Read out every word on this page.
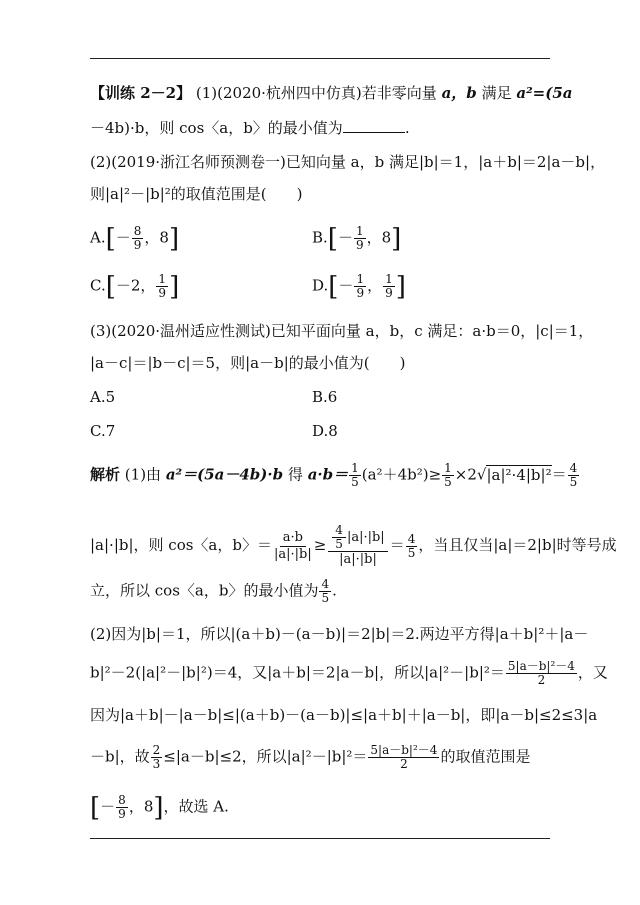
【训练 2－2】 (1)(2020·杭州四中仿真)若非零向量 a，b 满足 a²=(5a
－4b)·b，则 cos〈a，b〉的最小值为	.
(2)(2019·浙江名师预测卷一)已知向量 a，b 满足|b|＝1，|a＋b|＝2|a－b|，
则|a|²－|b|²的取值范围是(　　)
$A.[- \frac{8}{9}$ ，8]	$B.[- \frac{1}{9}$ ，8]
C.[－2， $\frac{1}{9}$ ]	$D.[- \frac{1}{9}$ ， $\frac{1}{9}$ ]
(3)(2020·温州适应性测试)已知平面向量 a，b，c 满足：a·b＝0，|c|＝1，
|a－c|＝|b－c|＝5，则|a－b|的最小值为(　　)
A.5	B.6
C.7	D.8
解析 (1)由 a²＝(5a－4b)·b 得 $a\cdot b= \frac{1}{5} (a^2+4b^2)\ge \frac{1}{5} \times 2√|a|^2\cdot 4|b|^2= \frac{4}{5}$
|a|·|b|，则 cos〈a，b〉＝ $\frac{a\cdot b}{|a|\cdot|b|} \ge \frac{\frac{4}{5} |a|\cdot|b|}{|a|\cdot|b|} = \frac{4}{5}$ ，当且仅当|a|＝2|b|时等号成
立，所以 cos〈a，b〉的最小值为 $\frac{4}{5}$ .
(2)因为|b|＝1，所以|(a＋b)－(a－b)|＝2|b|＝2.两边平方得|a＋b|²＋|a－
b|²－2(|a|²－|b|²)＝4，又|a＋b|＝2|a－b|，所以$|a|^2-|b|^2= \frac{\text{5|a－b|²－4}}{2}$ ，又
因为|a＋b|－|a－b|≤|(a＋b)－(a－b)|≤|a＋b|＋|a－b|，即|a－b|≤2≤3|a
－b|，故 $\frac{2}{3} \le|a-b|\le 2$，所以$|a|^2-|b|^2= \frac{\text{5|a－b|²－4}}{2}$ 的取值范围是
[－ $\frac{8}{9}$ ，8]，故选 A.
